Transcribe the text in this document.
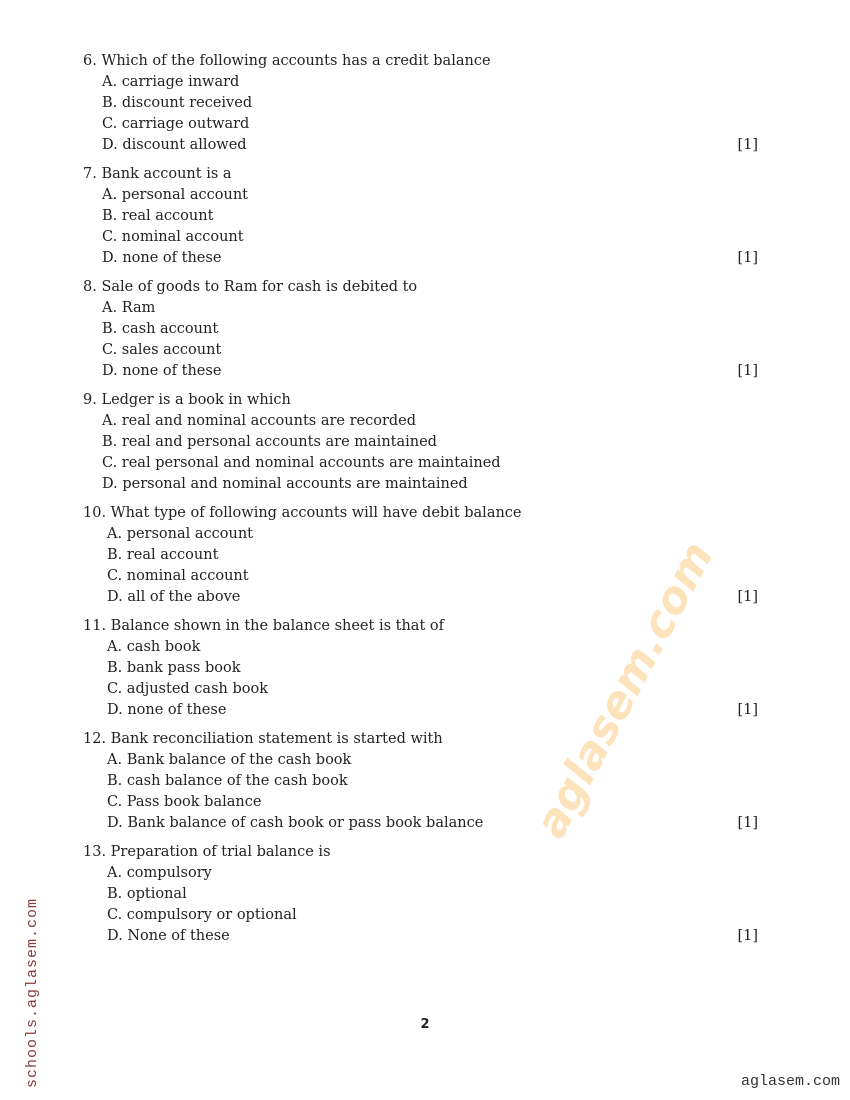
aglasem.com
6. Which of the following accounts has a credit balance
A. carriage inward
B. discount received
C. carriage outward
D. discount allowed	[1]
7. Bank account is a
A. personal account
B. real account
C. nominal account
D. none of these	[1]
8. Sale of goods to Ram for cash is debited to
A. Ram
B. cash account
C. sales account
D. none of these	[1]
9. Ledger is a book in which
A. real and nominal accounts are recorded
B. real and personal accounts are maintained
C. real personal and nominal accounts are maintained
D. personal and nominal accounts are maintained
10. What type of following accounts will have debit balance
A. personal account
B. real account
C. nominal account
D. all of the above	[1]
11. Balance shown in the balance sheet is that of
A. cash book
B. bank pass book
C. adjusted cash book
D. none of these	[1]
12. Bank reconciliation statement is started with
A. Bank balance of the cash book
B. cash balance of the cash book
C. Pass book balance
D. Bank balance of cash book or pass book balance	[1]
13. Preparation of trial balance is
A. compulsory
B. optional
C. compulsory or optional
D. None of these	[1]
2
schools.aglasem.com	aglasem.com
